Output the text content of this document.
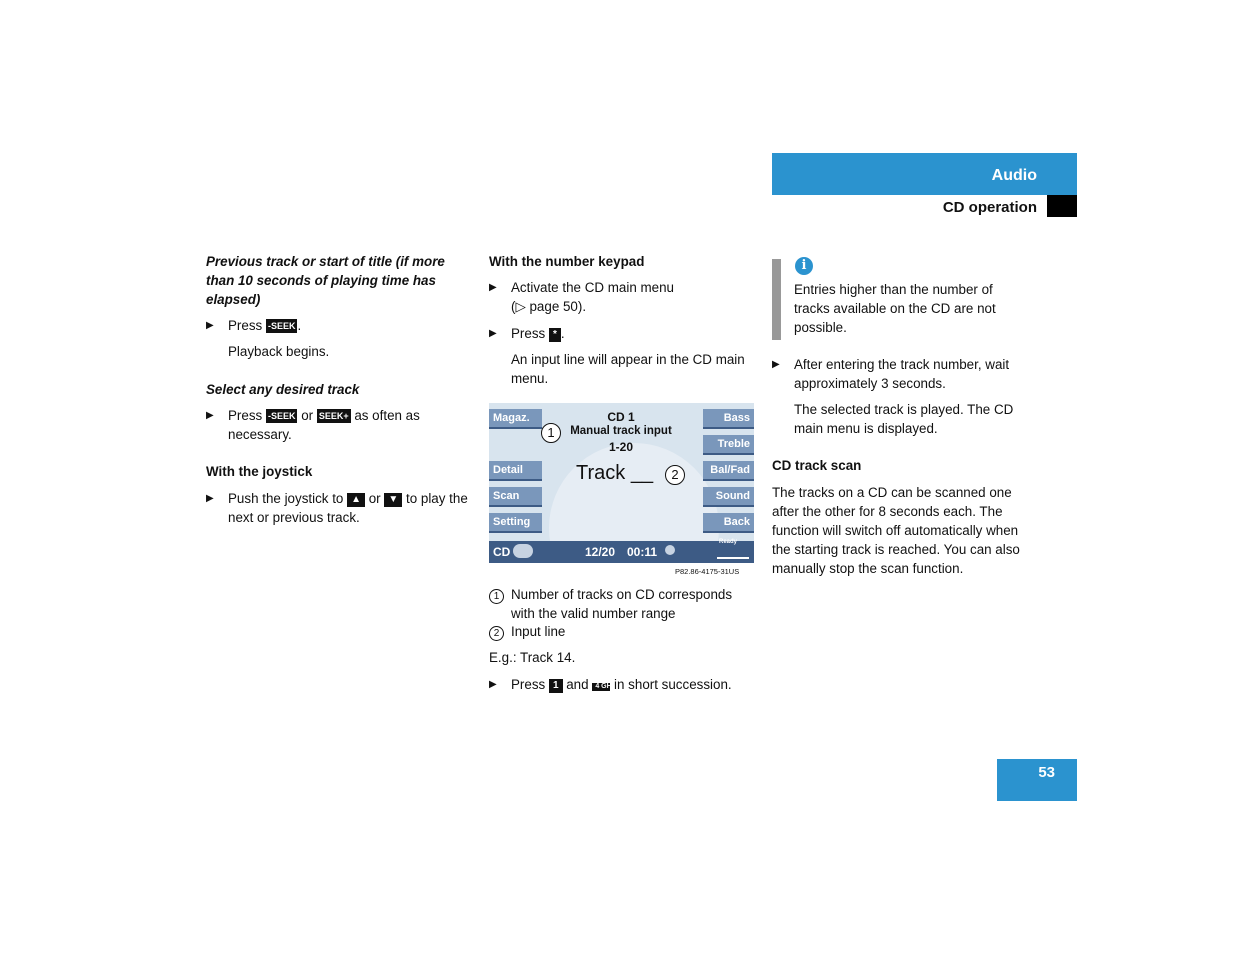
Audio
CD operation
Previous track or start of title (if more than 10 seconds of playing time has elapsed)
▶ Press -SEEK .
Playback begins.
Select any desired track
▶ Press -SEEK or SEEK+ as often as necessary.
With the joystick
▶ Push the joystick to ▲ or ▼ to play the next or previous track.
With the number keypad
▶ Activate the CD main menu (▷ page 50).
▶ Press * .
An input line will appear in the CD main menu.
Magaz.
Detail
Scan
Setting
Bass
Treble
Bal/Fad
Sound
Back
CD 1
1	Manual track input
1-20
Track __	2
CD	12/20 00:11
Ready
P82.86-4175-31US
1 Number of tracks on CD corresponds with the valid number range
2 Input line
E.g.: Track 14.
▶ Press 1 and 4 GHI in short succession.
i
Entries higher than the number of tracks available on the CD are not possible.
▶ After entering the track number, wait approximately 3 seconds.
The selected track is played. The CD main menu is displayed.
CD track scan
The tracks on a CD can be scanned one after the other for 8 seconds each. The function will switch off automatically when the starting track is reached. You can also manually stop the scan function.
53
